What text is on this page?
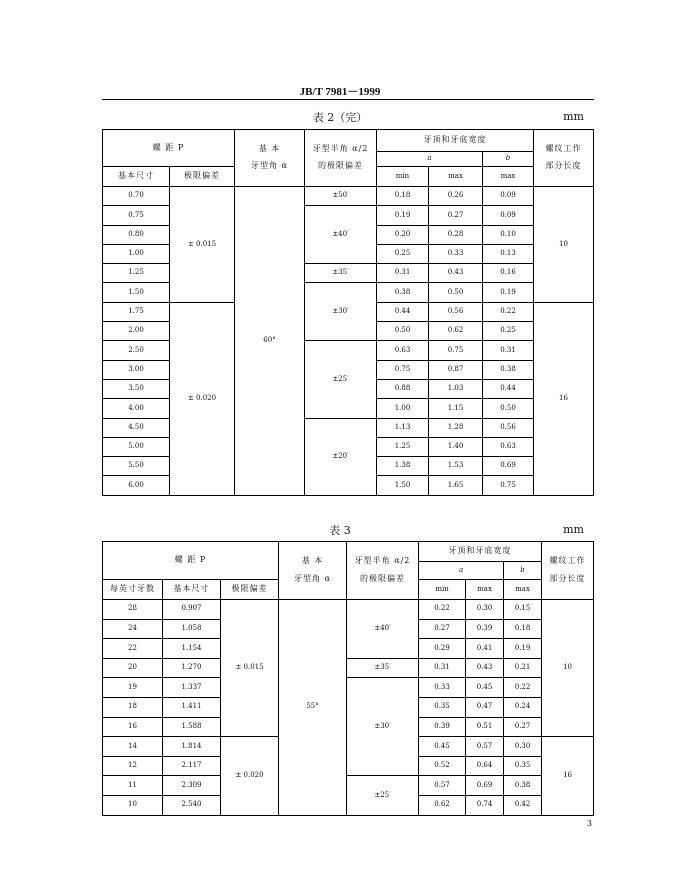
JB/T 7981－1999
表 2（完）	mm
螺 距 P		基 本

牙型角 α	牙型半角 α/2

的极限偏差	牙顶和牙底宽度			螺纹工作

部分长度
				a		b	
基本尺寸	极限偏差			min	max	max	
0.70	± 0.015	60°	±50′	0.18	0.26	0.09	10
0.75			±40′	0.19	0.27	0.09	
0.80				0.20	0.28	0.10	
1.00				0.25	0.33	0.13	
1.25			±35′	0.31	0.43	0.16	
1.50			±30′	0.38	0.50	0.19	
1.75	± 0.020			0.44	0.56	0.22	16
2.00				0.50	0.62	0.25	
2.50			±25′	0.63	0.75	0.31	
3.00				0.75	0.87	0.38	
3.50				0.88	1.03	0.44	
4.00				1.00	1.15	0.50	
4.50			±20′	1.13	1.28	0.56	
5.00				1.25	1.40	0.63	
5.50				1.38	1.53	0.69	
6.00				1.50	1.65	0.75	
表 3	mm
螺 距 P			基 本

牙型角 α	牙型半角 α/2

的极限偏差	牙顶和牙底宽度			螺纹工作

部分长度
					a		b	
每英寸牙数	基本尺寸	极限偏差			min	max	max	
28	0.907	± 0.015	55°	±40′	0.22	0.30	0.15	10
24	1.058				0.27	0.39	0.18	
22	1.154				0.29	0.41	0.19	
20	1.270			±35′	0.31	0.43	0.21	
19	1.337			±30′	0.33	0.45	0.22	
18	1.411				0.35	0.47	0.24	
16	1.588				0.39	0.51	0.27	
14	1.814	± 0.020			0.45	0.57	0.30	16
12	2.117				0.52	0.64	0.35	
11	2.309			±25′	0.57	0.69	0.38	
10	2.540				0.62	0.74	0.42	
3
